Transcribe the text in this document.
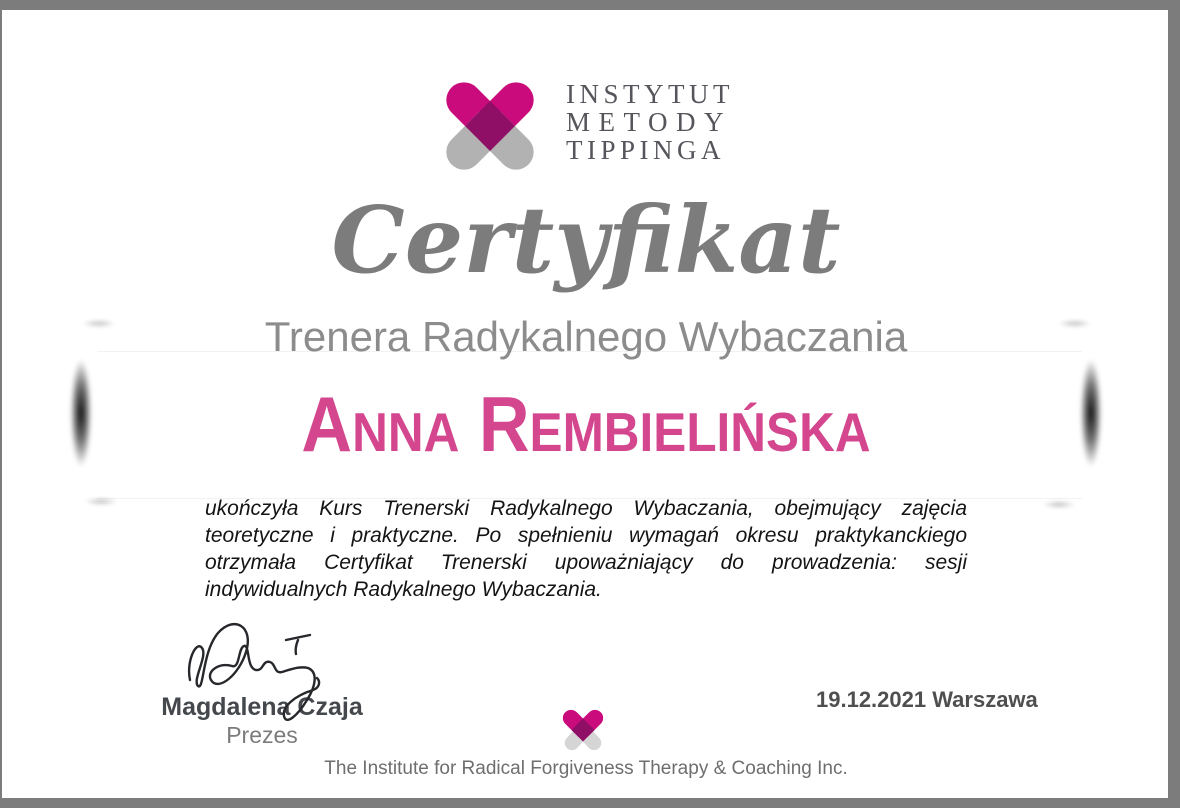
INSTYTUT
METODY
TIPPINGA
Certyfikat
Trenera Radykalnego Wybaczania
Anna Rembielińska
ukończyła Kurs Trenerski Radykalnego Wybaczania, obejmujący zajęcia teoretyczne i praktyczne. Po spełnieniu wymagań okresu praktykanckiego otrzymała Certyfikat Trenerski upoważniający do prowadzenia: sesji indywidualnych Radykalnego Wybaczania.
Magdalena Czaja
Prezes
19.12.2021 Warszawa
The Institute for Radical Forgiveness Therapy & Coaching Inc.
